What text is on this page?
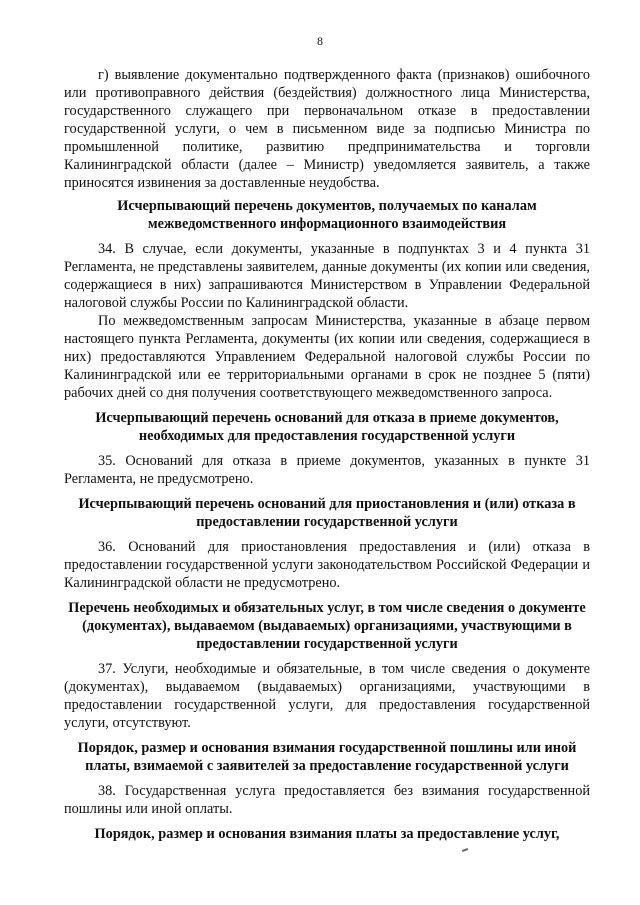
8

г) выявление документально подтвержденного факта (признаков) ошибочного или противоправного действия (бездействия) должностного лица Министерства, государственного служащего при первоначальном отказе в предоставлении государственной услуги, о чем в письменном виде за подписью Министра по промышленной политике, развитию предпринимательства и торговли Калининградской области (далее – Министр) уведомляется заявитель, а также приносятся извинения за доставленные неудобства.

Исчерпывающий перечень документов, получаемых по каналам межведомственного информационного взаимодействия

34. В случае, если документы, указанные в подпунктах 3 и 4 пункта 31 Регламента, не представлены заявителем, данные документы (их копии или сведения, содержащиеся в них) запрашиваются Министерством в Управлении Федеральной налоговой службы России по Калининградской области.

По межведомственным запросам Министерства, указанные в абзаце первом настоящего пункта Регламента, документы (их копии или сведения, содержащиеся в них) предоставляются Управлением Федеральной налоговой службы России по Калининградской или ее территориальными органами в срок не позднее 5 (пяти) рабочих дней со дня получения соответствующего межведомственного запроса.

Исчерпывающий перечень оснований для отказа в приеме документов, необходимых для предоставления государственной услуги

35. Оснований для отказа в приеме документов, указанных в пункте 31 Регламента, не предусмотрено.

Исчерпывающий перечень оснований для приостановления и (или) отказа в предоставлении государственной услуги

36. Оснований для приостановления предоставления и (или) отказа в предоставлении государственной услуги законодательством Российской Федерации и Калининградской области не предусмотрено.

Перечень необходимых и обязательных услуг, в том числе сведения о документе (документах), выдаваемом (выдаваемых) организациями, участвующими в предоставлении государственной услуги

37. Услуги, необходимые и обязательные, в том числе сведения о документе (документах), выдаваемом (выдаваемых) организациями, участвующими в предоставлении государственной услуги, для предоставления государственной услуги, отсутствуют.

Порядок, размер и основания взимания государственной пошлины или иной платы, взимаемой с заявителей за предоставление государственной услуги

38. Государственная услуга предоставляется без взимания государственной пошлины или иной оплаты.

Порядок, размер и основания взимания платы за предоставление услуг,
